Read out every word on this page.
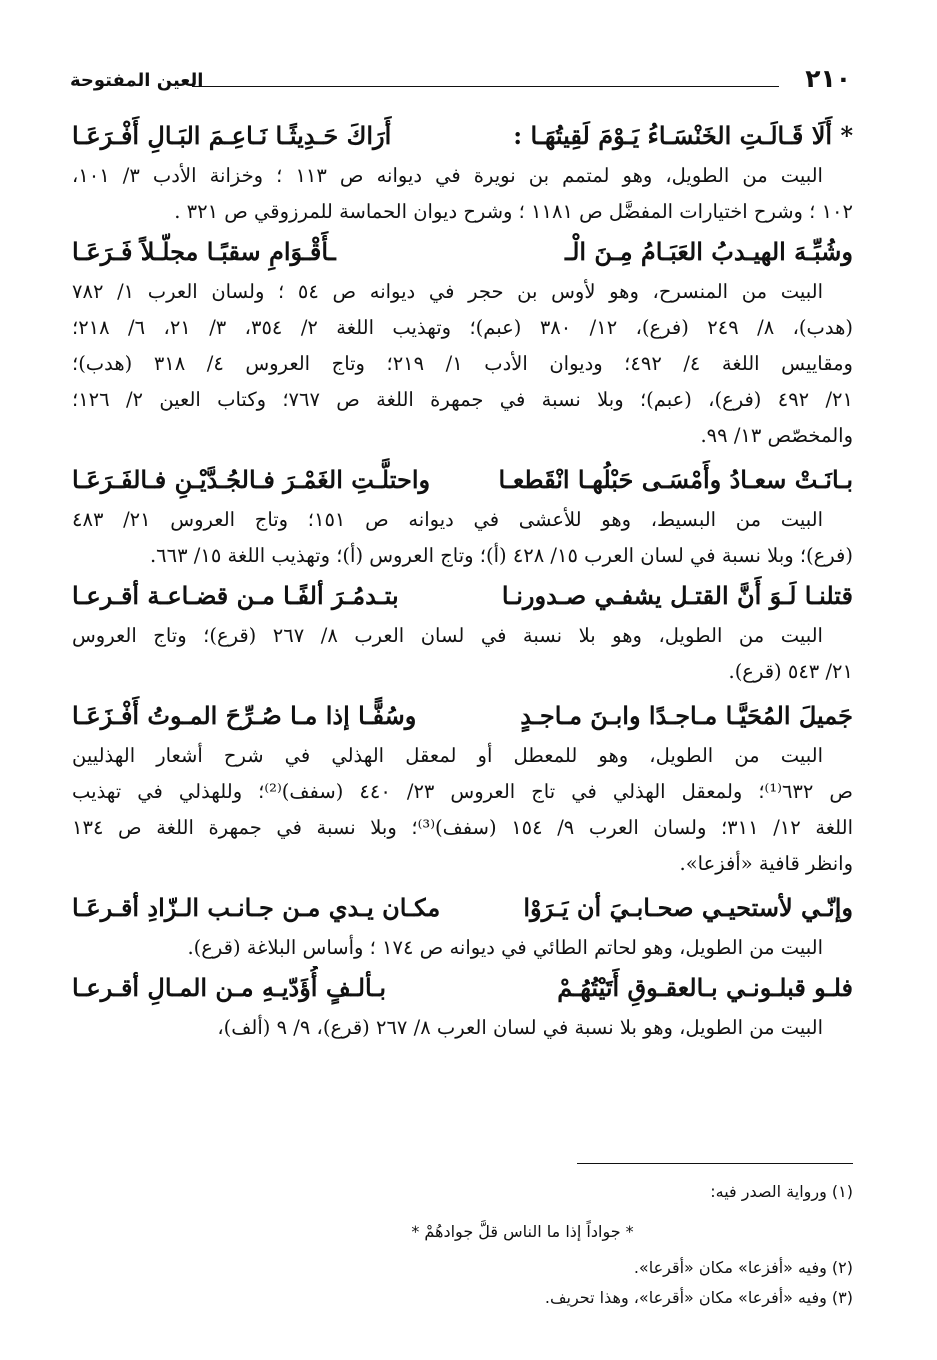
٢١٠
العين المفتوحة
* أَلَا قَـالَـتِ الخَنْسَـاءُ يَـوْمَ لَقِيتُهَـا :
أَرَاكَ حَـدِيثًـا نَـاعِـمَ البَـالِ أَفْـرَعَـا

البيت من الطويل، وهو لمتمم بن نويرة في ديوانه ص ١١٣ ؛ وخزانة الأدب ٣/ ١٠١،
١٠٢ ؛ وشرح اختيارات المفضَّل ص ١١٨١ ؛ وشرح ديوان الحماسة للمرزوقي ص ٣٢١ .

وشُبِّـهَ الهيـدبُ العَبَـامُ مِـنَ الْـ
ـأَقْـوَامِ سقبًـا مجلّـلاً فَـرَعَـا

البيت من المنسرح، وهو لأوس بن حجر في ديوانه ص ٥٤ ؛ ولسان العرب ١/ ٧٨٢
(هدب)، ٨/ ٢٤٩ (فرع)، ١٢/ ٣٨٠ (عبم)؛ وتهذيب اللغة ٢/ ٣٥٤، ٣/ ٢١، ٦/ ٢١٨؛
ومقاييس اللغة ٤/ ٤٩٢؛ وديوان الأدب ١/ ٢١٩؛ وتاج العروس ٤/ ٣١٨ (هدب)؛
٢١/ ٤٩٢ (فرع)، (عبم)؛ وبلا نسبة في جمهرة اللغة ص ٧٦٧؛ وكتاب العين ٢/ ١٢٦؛
والمخصّص ١٣/ ٩٩.

بـانَـتْ سعـادُ وأَمْسَـى حَبْلُهـا انْقَطعـا
واحتلَّـتِ الغَمْـرَ فـالجُـدَّيْـنِ فـالفَـرَعَـا

البيت من البسيط، وهو للأعشى في ديوانه ص ١٥١؛ وتاج العروس ٢١/ ٤٨٣
(فرع)؛ وبلا نسبة في لسان العرب ١٥/ ٤٢٨ (أ)؛ وتاج العروس (أ)؛ وتهذيب اللغة ١٥/ ٦٦٣.

قتلنـا لَـوَ أَنَّ القتـل يشفـي صـدورنـا
بتـدمُـرَ ألفًـا مـن قضـاعـة أقـرعـا

البيت من الطويل، وهو بلا نسبة في لسان العرب ٨/ ٢٦٧ (قرع)؛ وتاج العروس
٢١/ ٥٤٣ (قرع).

جَميلَ المُحَيَّـا مـاجـدًا وابـنَ مـاجـدٍ
وسُفًّـا إذا مـا صُـرِّحَ المـوتُ أَفْـزَعَـا

البيت من الطويل، وهو للمعطل أو لمعقل الهذلي في شرح أشعار الهذليين
ص ٦٣٢⁽¹⁾؛ ولمعقل الهذلي في تاج العروس ٢٣/ ٤٤٠ (سفف)⁽²⁾؛ وللهذلي في تهذيب
اللغة ١٢/ ٣١١؛ ولسان العرب ٩/ ١٥٤ (سفف)⁽³⁾؛ وبلا نسبة في جمهرة اللغة ص ١٣٤
وانظر قافية «أفزعا».

وإنّـي لأستحيـي صحـابـيَ أن يَـرَوْا
مكـان يـدي مـن جـانـب الـزّادِ أقـرعَـا

البيت من الطويل، وهو لحاتم الطائي في ديوانه ص ١٧٤ ؛ وأساس البلاغة (قرع).

فلـو قبلـونـي بـالعقـوقِ أَتَيْتُهُـمْ
بـألـفٍ أُؤَدّيـهِ مـن المـالِ أقـرعـا

البيت من الطويل، وهو بلا نسبة في لسان العرب ٨/ ٢٦٧ (قرع)، ٩/ ٩ (ألف)،

(١) ورواية الصدر فيه:
* جواداً إذا ما الناس قلَّ جوادهُمْ *
(٢) وفيه «أفزعا» مكان «أقرعا».
(٣) وفيه «أفرعا» مكان «أقرعا»، وهذا تحريف.
